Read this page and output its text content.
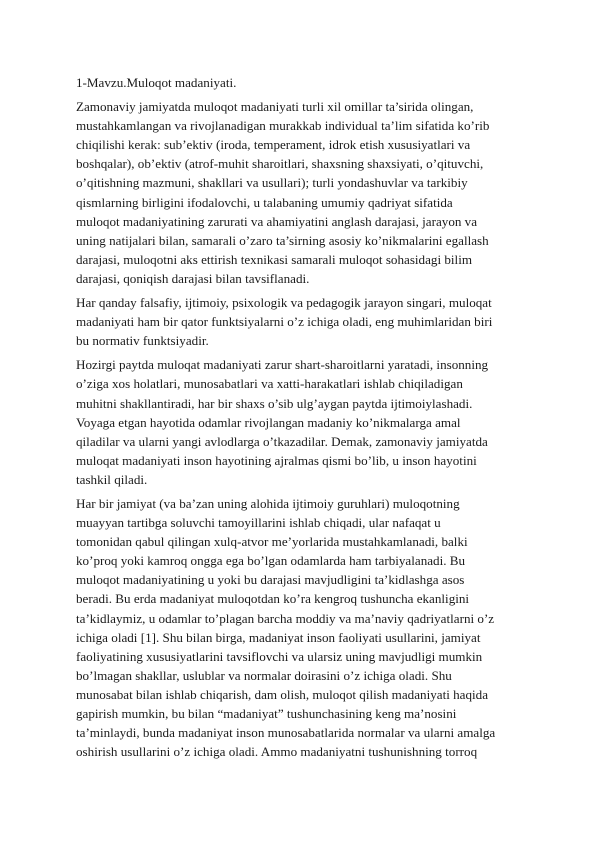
1-Mavzu.Muloqot madaniyati.

Zamonaviy jamiyatda muloqot madaniyati turli xil omillar ta’sirida olingan,
mustahkamlangan va rivojlanadigan murakkab individual ta’lim sifatida ko’rib
chiqilishi kerak: sub’ektiv (iroda, temperament, idrok etish xususiyatlari va
boshqalar), ob’ektiv (atrof-muhit sharoitlari, shaxsning shaxsiyati, o’qituvchi,
o’qitishning mazmuni, shakllari va usullari); turli yondashuvlar va tarkibiy
qismlarning birligini ifodalovchi, u talabaning umumiy qadriyat sifatida
muloqot madaniyatining zarurati va ahamiyatini anglash darajasi, jarayon va
uning natijalari bilan, samarali o’zaro ta’sirning asosiy ko’nikmalarini egallash
darajasi, muloqotni aks ettirish texnikasi samarali muloqot sohasidagi bilim
darajasi, qoniqish darajasi bilan tavsiflanadi.

Har qanday falsafiy, ijtimoiy, psixologik va pedagogik jarayon singari, muloqat
madaniyati ham bir qator funktsiyalarni o’z ichiga oladi, eng muhimlaridan biri
bu normativ funktsiyadir.

Hozirgi paytda muloqat madaniyati zarur shart-sharoitlarni yaratadi, insonning
o’ziga xos holatlari, munosabatlari va xatti-harakatlari ishlab chiqiladigan
muhitni shakllantiradi, har bir shaxs o’sib ulg’aygan paytda ijtimoiylashadi.
Voyaga etgan hayotida odamlar rivojlangan madaniy ko’nikmalarga amal
qiladilar va ularni yangi avlodlarga o’tkazadilar. Demak, zamonaviy jamiyatda
muloqat madaniyati inson hayotining ajralmas qismi bo’lib, u inson hayotini
tashkil qiladi.

Har bir jamiyat (va ba’zan uning alohida ijtimoiy guruhlari) muloqotning
muayyan tartibga soluvchi tamoyillarini ishlab chiqadi, ular nafaqat u
tomonidan qabul qilingan xulq-atvor me’yorlarida mustahkamlanadi, balki
ko’proq yoki kamroq ongga ega bo’lgan odamlarda ham tarbiyalanadi. Bu
muloqot madaniyatining u yoki bu darajasi mavjudligini ta’kidlashga asos
beradi. Bu erda madaniyat muloqotdan ko’ra kengroq tushuncha ekanligini
ta’kidlaymiz, u odamlar to’plagan barcha moddiy va ma’naviy qadriyatlarni o’z
ichiga oladi [1]. Shu bilan birga, madaniyat inson faoliyati usullarini, jamiyat
faoliyatining xususiyatlarini tavsiflovchi va ularsiz uning mavjudligi mumkin
bo’lmagan shakllar, uslublar va normalar doirasini o’z ichiga oladi. Shu
munosabat bilan ishlab chiqarish, dam olish, muloqot qilish madaniyati haqida
gapirish mumkin, bu bilan “madaniyat” tushunchasining keng ma’nosini
ta’minlaydi, bunda madaniyat inson munosabatlarida normalar va ularni amalga
oshirish usullarini o’z ichiga oladi. Ammo madaniyatni tushunishning torroq
